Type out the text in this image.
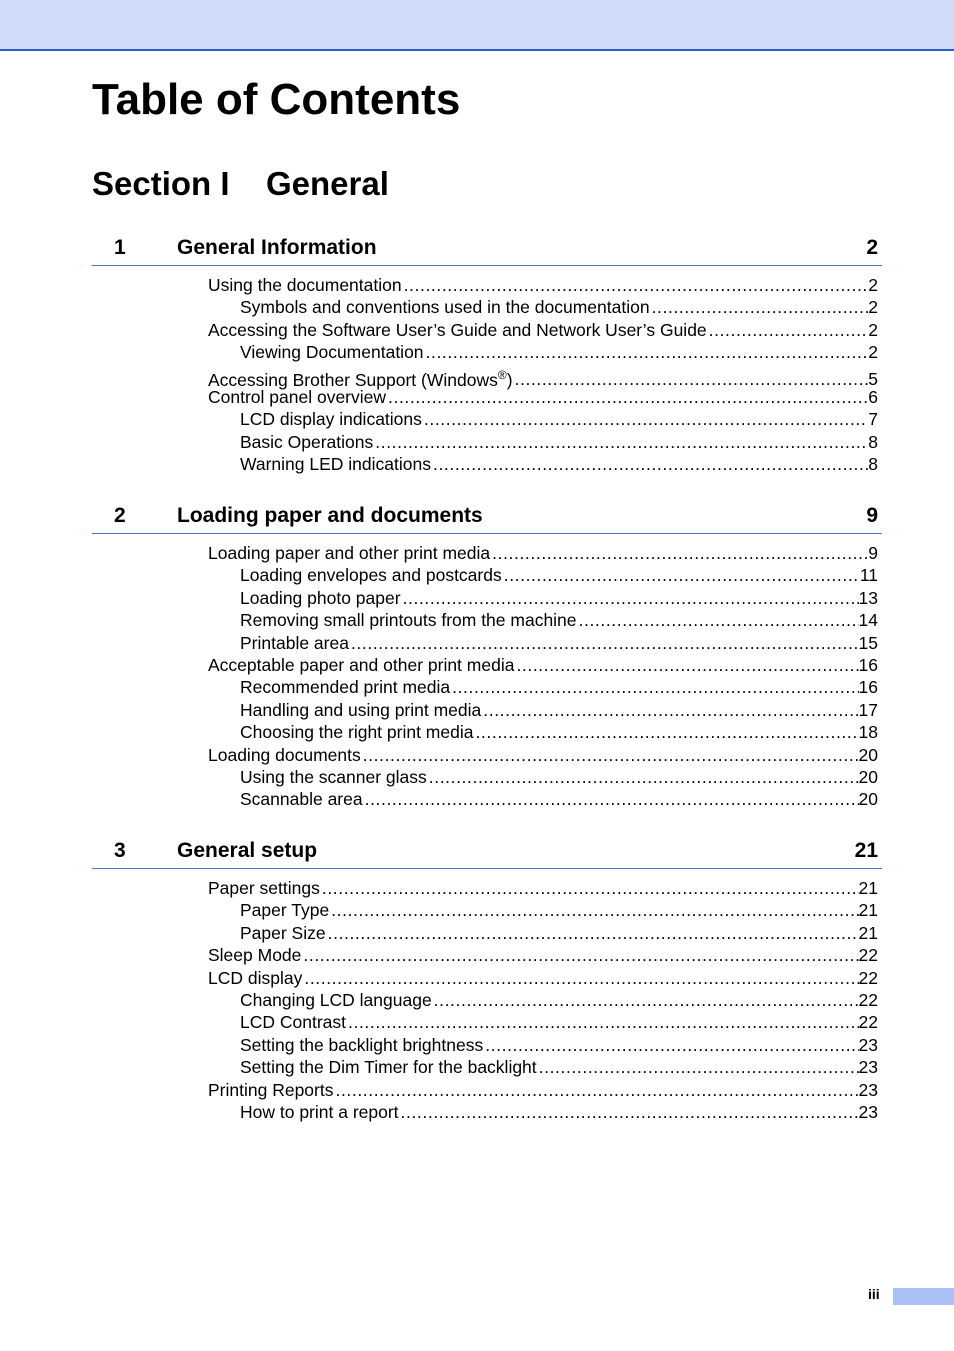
Table of Contents
Section I General
1 General Information	2
Using the documentation .....	2
Symbols and conventions used in the documentation .....	2
Accessing the Software User’s Guide and Network User’s Guide .....	2
Viewing Documentation .....	2
Accessing Brother Support (Windows®) .....	5
Control panel overview .....	6
LCD display indications .....	7
Basic Operations .....	8
Warning LED indications .....	8
2 Loading paper and documents	9
Loading paper and other print media .....	9
Loading envelopes and postcards .....	11
Loading photo paper .....	13
Removing small printouts from the machine .....	14
Printable area .....	15
Acceptable paper and other print media .....	16
Recommended print media .....	16
Handling and using print media .....	17
Choosing the right print media .....	18
Loading documents .....	20
Using the scanner glass .....	20
Scannable area .....	20
3 General setup	21
Paper settings .....	21
Paper Type .....	21
Paper Size .....	21
Sleep Mode .....	22
LCD display .....	22
Changing LCD language .....	22
LCD Contrast .....	22
Setting the backlight brightness .....	23
Setting the Dim Timer for the backlight .....	23
Printing Reports .....	23
How to print a report .....	23
iii
